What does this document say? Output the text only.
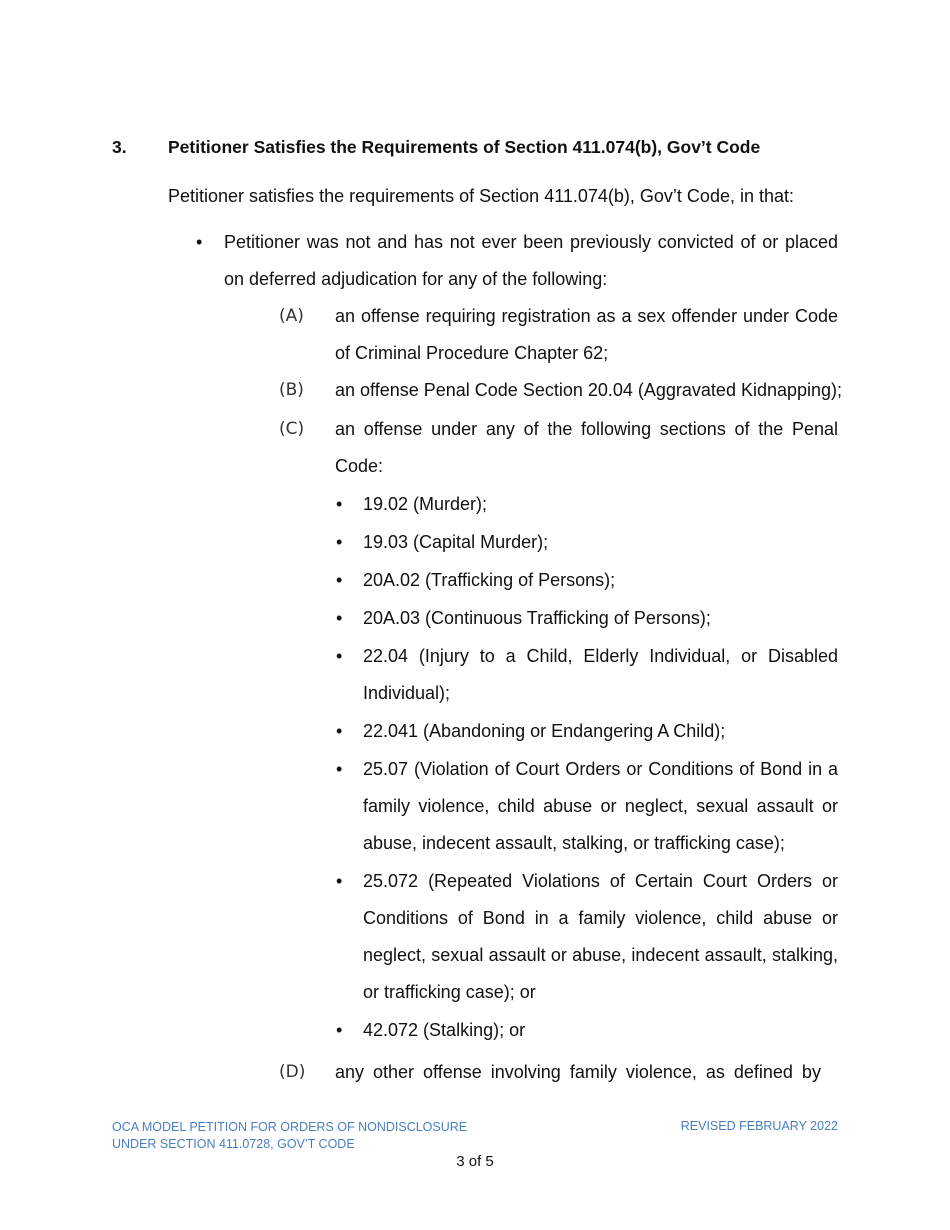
3. Petitioner Satisfies the Requirements of Section 411.074(b), Gov’t Code
Petitioner satisfies the requirements of Section 411.074(b), Gov’t Code, in that:
• Petitioner was not and has not ever been previously convicted of or placed on deferred adjudication for any of the following:
(A) an offense requiring registration as a sex offender under Code of Criminal Procedure Chapter 62;
(B) an offense Penal Code Section 20.04 (Aggravated Kidnapping);
(C) an offense under any of the following sections of the Penal Code:
• 19.02 (Murder);
• 19.03 (Capital Murder);
• 20A.02 (Trafficking of Persons);
• 20A.03 (Continuous Trafficking of Persons);
• 22.04 (Injury to a Child, Elderly Individual, or Disabled Individual);
• 22.041 (Abandoning or Endangering A Child);
• 25.07 (Violation of Court Orders or Conditions of Bond in a family violence, child abuse or neglect, sexual assault or abuse, indecent assault, stalking, or trafficking case);
• 25.072 (Repeated Violations of Certain Court Orders or Conditions of Bond in a family violence, child abuse or neglect, sexual assault or abuse, indecent assault, stalking, or trafficking case); or
• 42.072 (Stalking); or
(D) any other offense involving family violence, as defined by
OCA MODEL PETITION FOR ORDERS OF NONDISCLOSURE
UNDER SECTION 411.0728, GOV’T CODE
REVISED FEBRUARY 2022
3 of 5
